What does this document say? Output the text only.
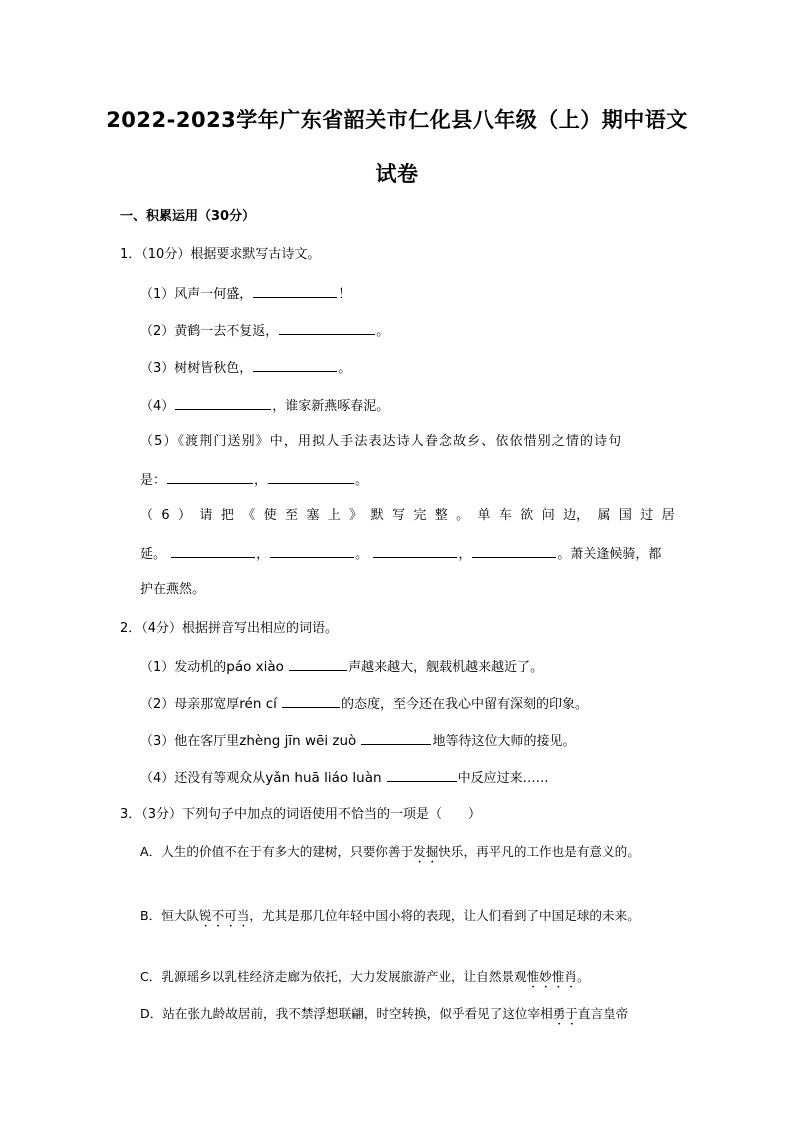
2022-2023学年广东省韶关市仁化县八年级（上）期中语文
试卷
一、积累运用（30分）
1．（10分）根据要求默写古诗文。
（1）风声一何盛，	！
（2）黄鹤一去不复返，	。
（3）树树皆秋色，	。
（4）	，谁家新燕啄春泥。
（5）《渡荆门送别》中，用拟人手法表达诗人眷念故乡、依依惜别之情的诗句
是：	，	。
（ 6 ） 请 把 《 使 至 塞 上 》 默 写 完 整 。 单 车 欲 问 边， 属 国 过 居
延。	，	。	，	。萧关逢候骑，都
护在燕然。
2．（4分）根据拼音写出相应的词语。
（1）发动机的páo xiào	声越来越大，舰载机越来越近了。
（2）母亲那宽厚rén cí	的态度，至今还在我心中留有深刻的印象。
（3）他在客厅里zhèng jīn wēi zuò	地等待这位大师的接见。
（4）还没有等观众从yǎn huā liáo luàn	中反应过来……
3．（3分）下列句子中加点的词语使用不恰当的一项是（　　）
A．人生的价值不在于有多大的建树，只要你善于发掘快乐，再平凡的工作也是有意义的。
B．恒大队锐不可当，尤其是那几位年轻中国小将的表现，让人们看到了中国足球的未来。
C．乳源瑶乡以乳桂经济走廊为依托，大力发展旅游产业，让自然景观惟妙惟肖。
D．站在张九龄故居前，我不禁浮想联翩，时空转换，似乎看见了这位宰相勇于直言皇帝
